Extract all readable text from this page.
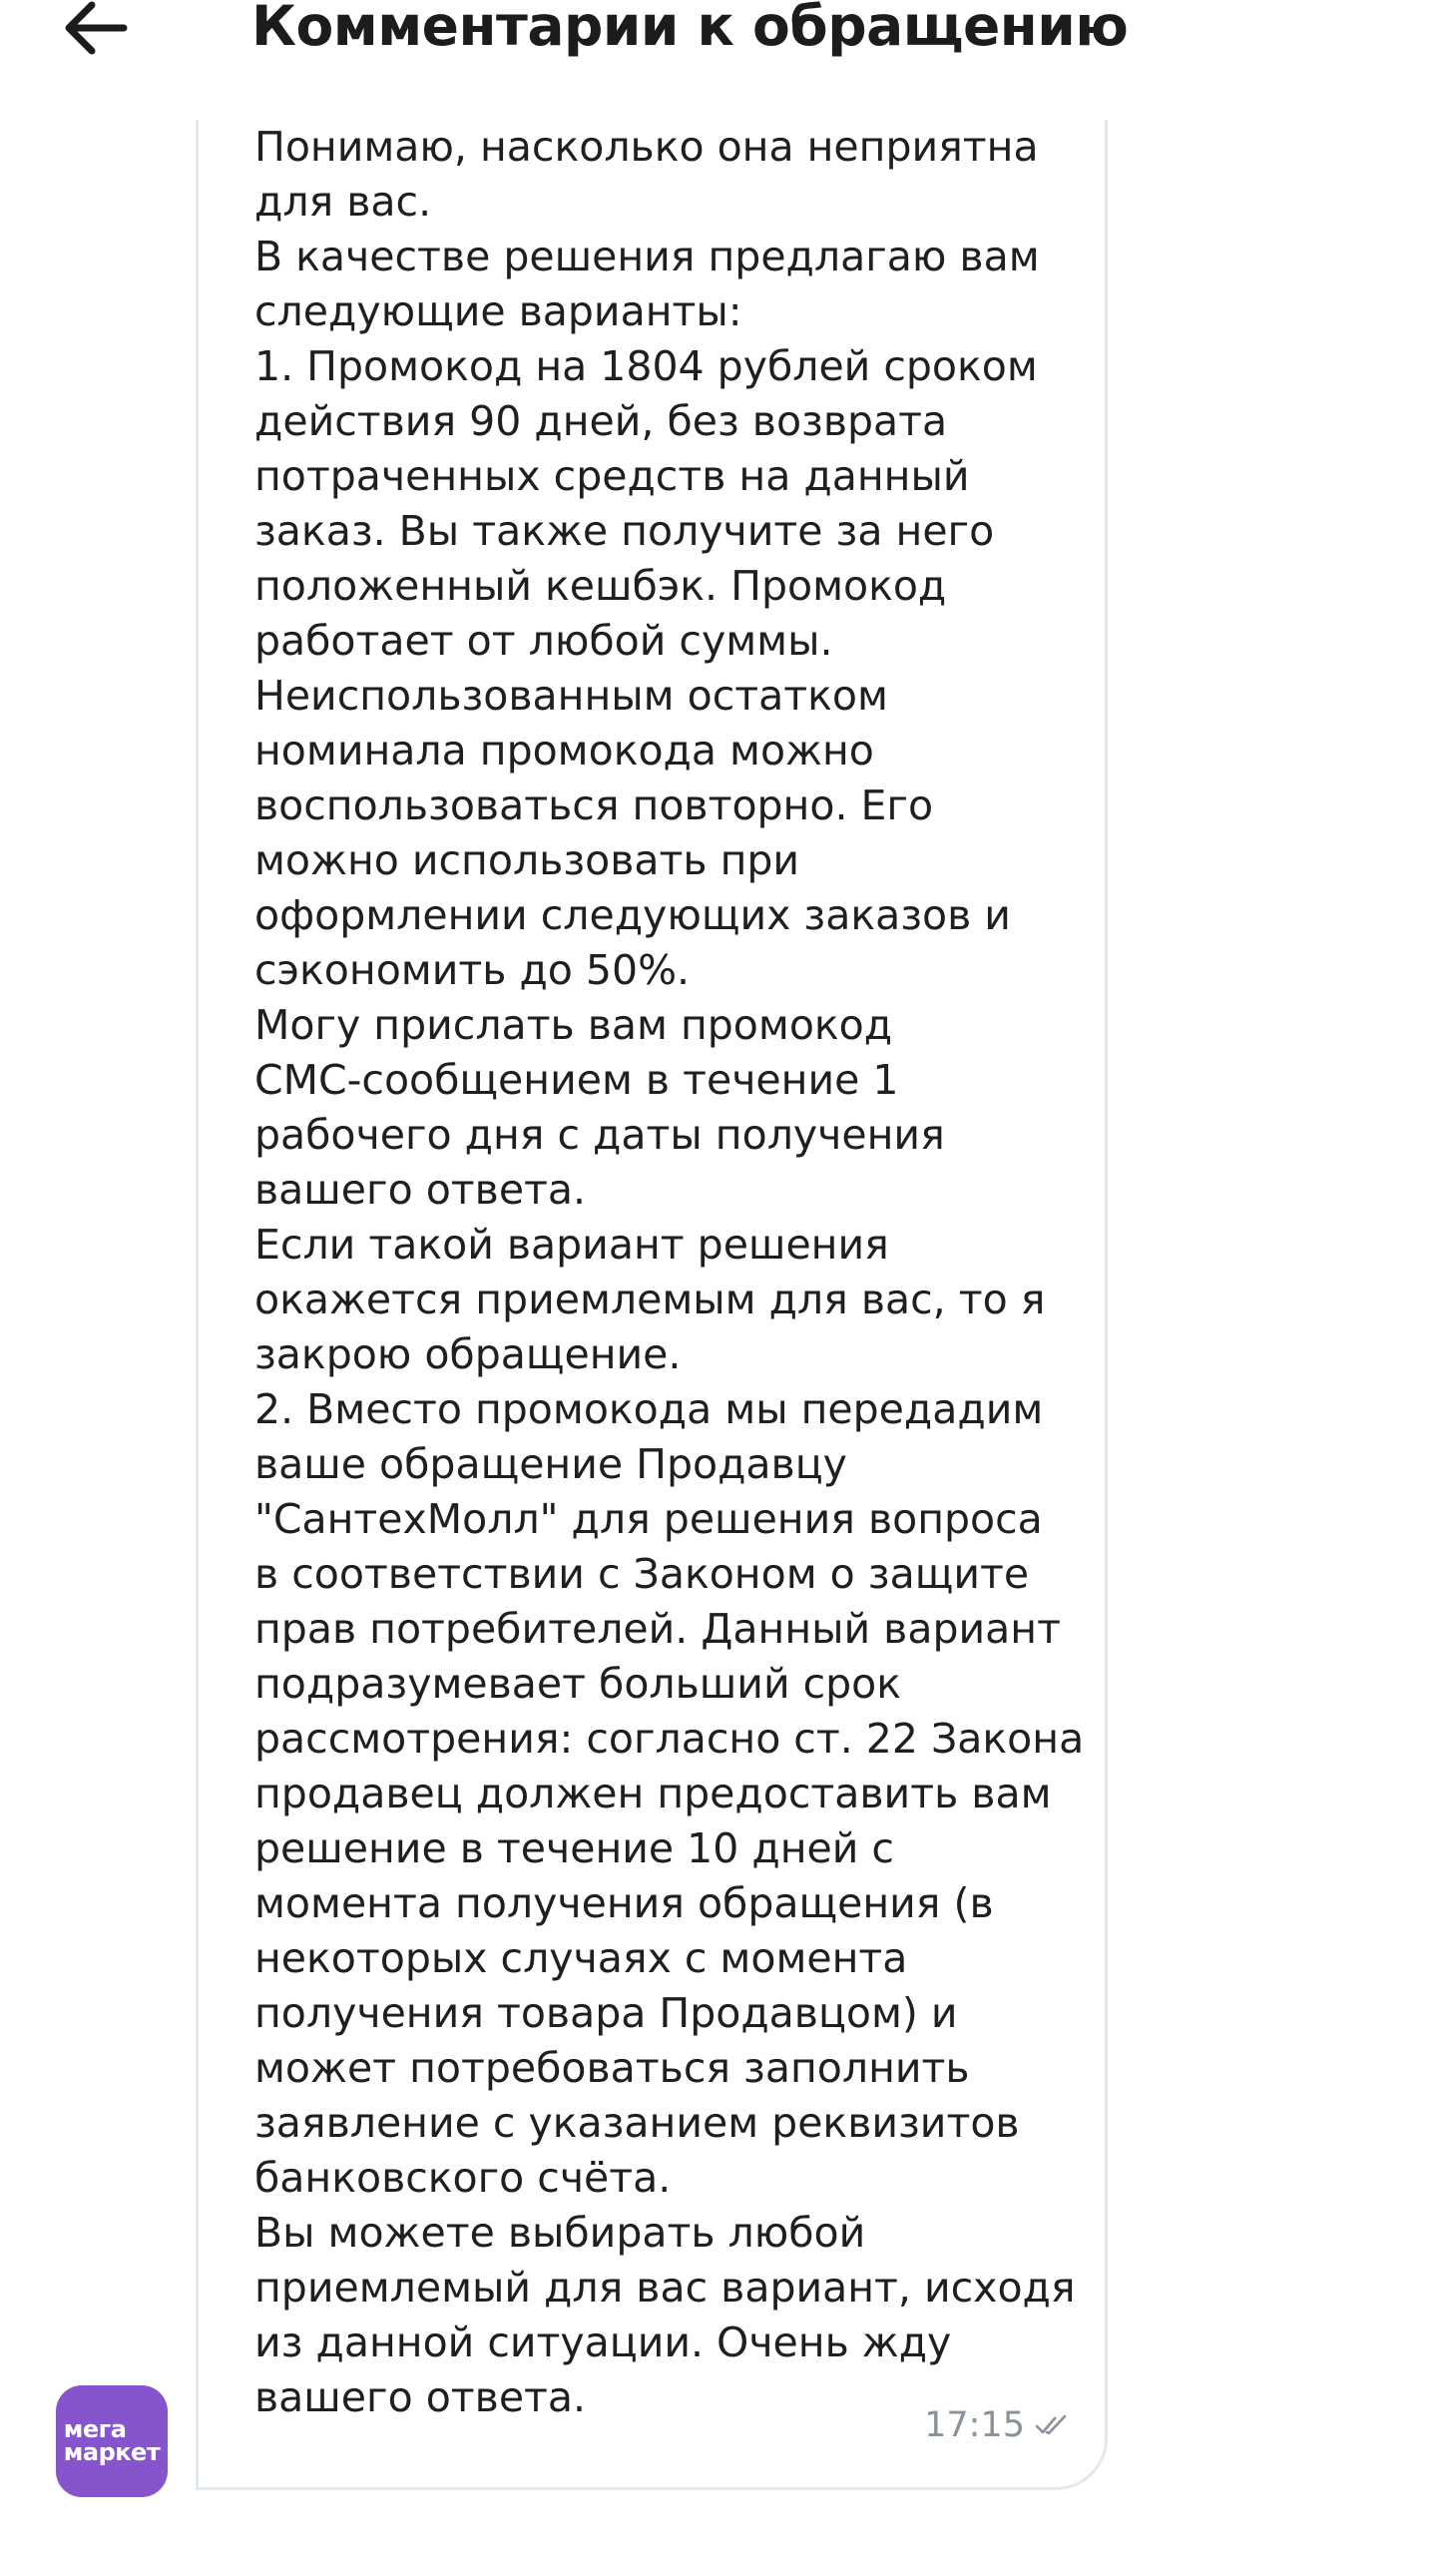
Комментарии к обращению
Понимаю, насколько она неприятна
для вас.
В качестве решения предлагаю вам
следующие варианты:
1. Промокод на 1804 рублей сроком
действия 90 дней, без возврата
потраченных средств на данный
заказ. Вы также получите за него
положенный кешбэк. Промокод
работает от любой суммы.
Неиспользованным остатком
номинала промокода можно
воспользоваться повторно. Его
можно использовать при
оформлении следующих заказов и
сэкономить до 50%.
Могу прислать вам промокод
СМС-сообщением в течение 1
рабочего дня с даты получения
вашего ответа.
Если такой вариант решения
окажется приемлемым для вас, то я
закрою обращение.
2. Вместо промокода мы передадим
ваше обращение Продавцу
"СантехМолл" для решения вопроса
в соответствии с Законом о защите
прав потребителей. Данный вариант
подразумевает больший срок
рассмотрения: согласно ст. 22 Закона
продавец должен предоставить вам
решение в течение 10 дней с
момента получения обращения (в
некоторых случаях с момента
получения товара Продавцом) и
может потребоваться заполнить
заявление с указанием реквизитов
банковского счёта.
Вы можете выбирать любой
приемлемый для вас вариант, исходя
из данной ситуации. Очень жду
вашего ответа.
17:15
мега
маркет
